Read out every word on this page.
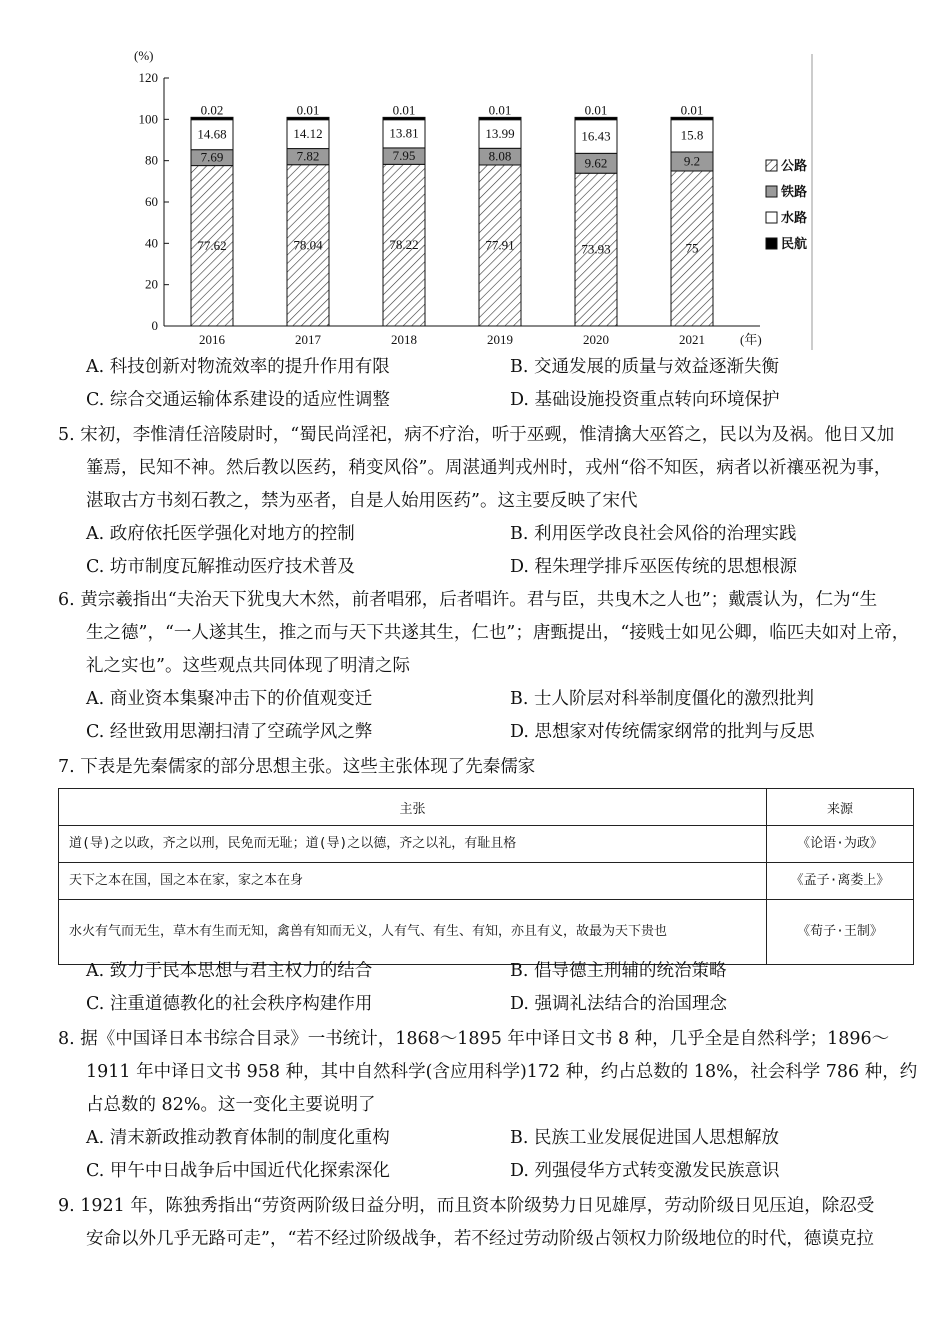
0
20
40
60
80
100
120
(%)
77.62
7.69
14.68
0.02
2016
78.04
7.82
14.12
0.01
2017
78.22
7.95
13.81
0.01
2018
77.91
8.08
13.99
0.01
2019
73.93
9.62
16.43
0.01
2020
75
9.2
15.8
0.01
2021	(年)
公路
铁路
水路
民航
A. 科技创新对物流效率的提升作用有限	B. 交通发展的质量与效益逐渐失衡
C. 综合交通运输体系建设的适应性调整	D. 基础设施投资重点转向环境保护
5. 宋初，李惟清任涪陵尉时，“蜀民尚淫祀，病不疗治，听于巫觋，惟清擒大巫笞之，民以为及祸。他日又加
箠焉，民知不神。然后教以医药，稍变风俗”。周湛通判戎州时，戎州“俗不知医，病者以祈禳巫祝为事，
湛取古方书刻石教之，禁为巫者，自是人始用医药”。这主要反映了宋代
A. 政府依托医学强化对地方的控制	B. 利用医学改良社会风俗的治理实践
C. 坊市制度瓦解推动医疗技术普及	D. 程朱理学排斥巫医传统的思想根源
6. 黄宗羲指出“夫治天下犹曳大木然，前者唱邪，后者唱许。君与臣，共曳木之人也”；戴震认为，仁为“生
生之德”，“一人遂其生，推之而与天下共遂其生，仁也”；唐甄提出，“接贱士如见公卿，临匹夫如对上帝，
礼之实也”。这些观点共同体现了明清之际
A. 商业资本集聚冲击下的价值观变迁	B. 士人阶层对科举制度僵化的激烈批判
C. 经世致用思潮扫清了空疏学风之弊	D. 思想家对传统儒家纲常的批判与反思
7. 下表是先秦儒家的部分思想主张。这些主张体现了先秦儒家
主张	来源
道(导)之以政，齐之以刑，民免而无耻；道(导)之以德，齐之以礼，有耻且格	《论语·为政》
天下之本在国，国之本在家，家之本在身	《孟子·离娄上》
水火有气而无生，草木有生而无知，禽兽有知而无义，人有气、有生、有知，亦且有义，故最为天下贵也	《荀子·王制》
A. 致力于民本思想与君主权力的结合	B. 倡导德主刑辅的统治策略
C. 注重道德教化的社会秩序构建作用	D. 强调礼法结合的治国理念
8. 据《中国译日本书综合目录》一书统计，1868～1895 年中译日文书 8 种，几乎全是自然科学；1896～
1911 年中译日文书 958 种，其中自然科学(含应用科学)172 种，约占总数的 18%，社会科学 786 种，约
占总数的 82%。这一变化主要说明了
A. 清末新政推动教育体制的制度化重构	B. 民族工业发展促进国人思想解放
C. 甲午中日战争后中国近代化探索深化	D. 列强侵华方式转变激发民族意识
9. 1921 年，陈独秀指出“劳资两阶级日益分明，而且资本阶级势力日见雄厚，劳动阶级日见压迫，除忍受
安命以外几乎无路可走”，“若不经过阶级战争，若不经过劳动阶级占领权力阶级地位的时代，德谟克拉
